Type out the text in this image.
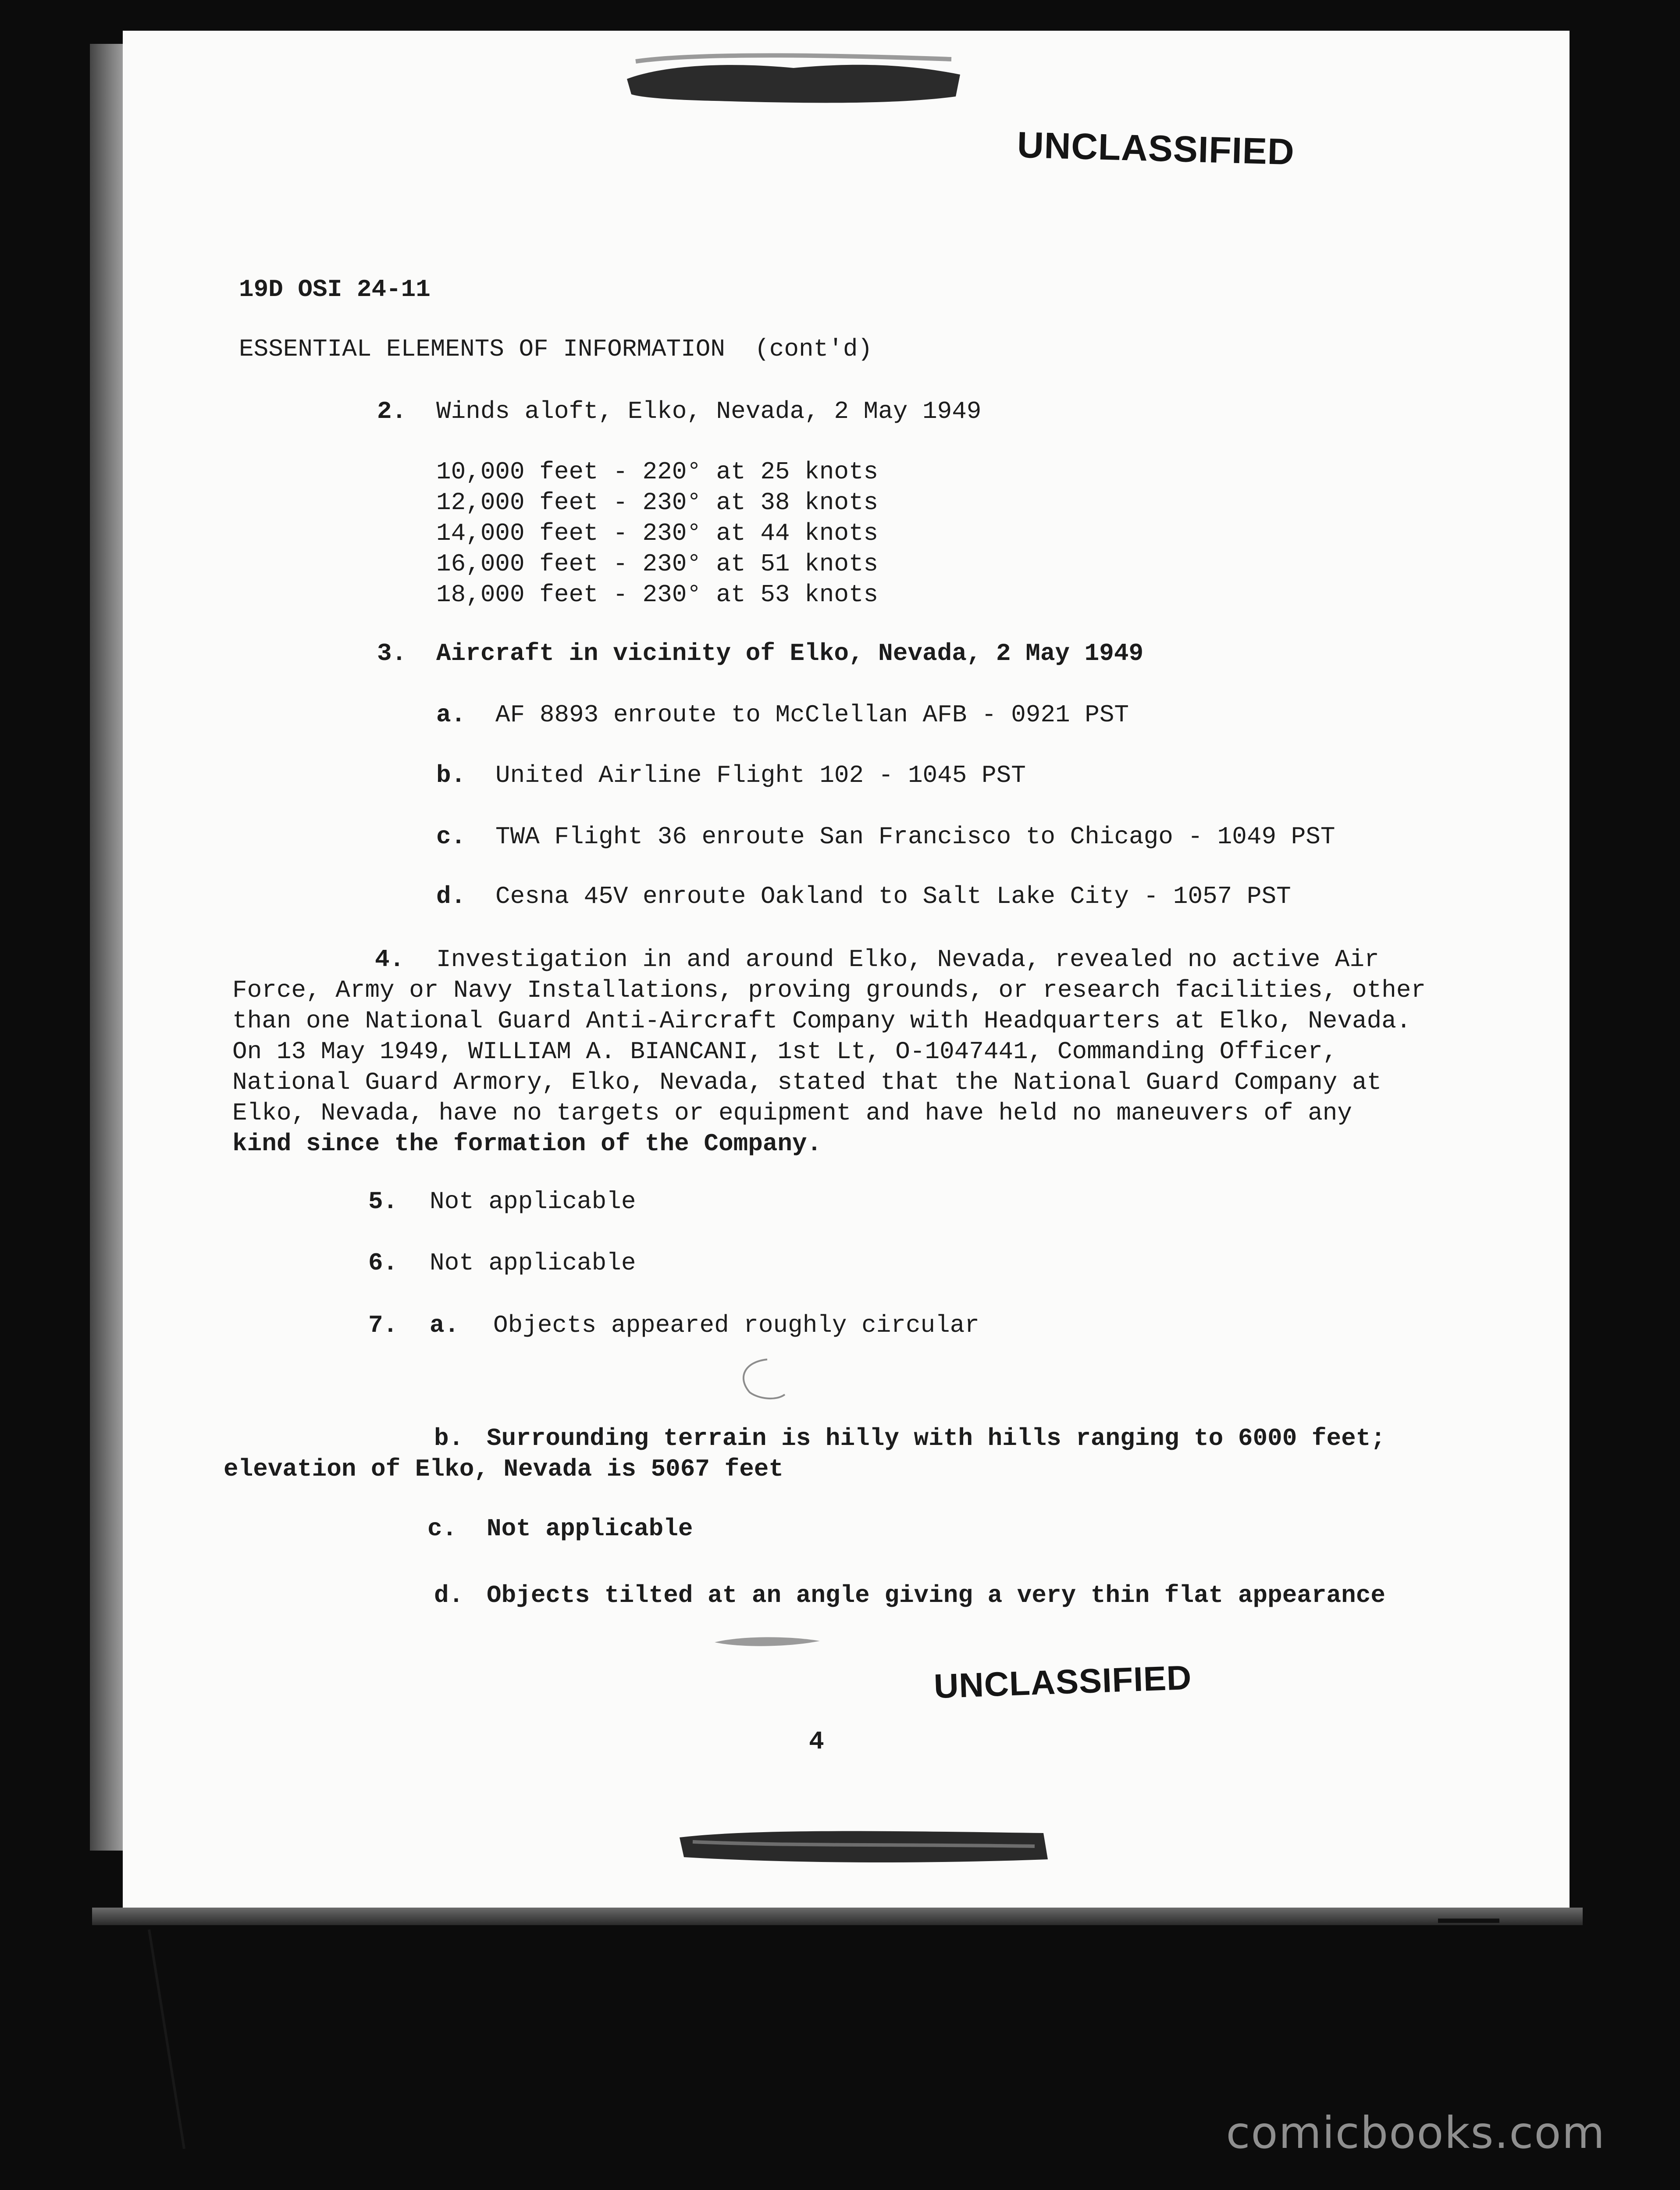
UNCLASSIFIED
19D OSI 24-11
ESSENTIAL ELEMENTS OF INFORMATION  (cont'd)
2. Winds aloft, Elko, Nevada, 2 May 1949
10,000 feet - 220° at 25 knots
12,000 feet - 230° at 38 knots
14,000 feet - 230° at 44 knots
16,000 feet - 230° at 51 knots
18,000 feet - 230° at 53 knots
3. Aircraft in vicinity of Elko, Nevada, 2 May 1949
a. AF 8893 enroute to McClellan AFB - 0921 PST
b. United Airline Flight 102 - 1045 PST
c. TWA Flight 36 enroute San Francisco to Chicago - 1049 PST
d. Cesna 45V enroute Oakland to Salt Lake City - 1057 PST
4. Investigation in and around Elko, Nevada, revealed no active Air
Force, Army or Navy Installations, proving grounds, or research facilities, other
than one National Guard Anti-Aircraft Company with Headquarters at Elko, Nevada.
On 13 May 1949, WILLIAM A. BIANCANI, 1st Lt, O-1047441, Commanding Officer,
National Guard Armory, Elko, Nevada, stated that the National Guard Company at
Elko, Nevada, have no targets or equipment and have held no maneuvers of any
kind since the formation of the Company.
5. Not applicable
6. Not applicable
7. a. Objects appeared roughly circular
b. Surrounding terrain is hilly with hills ranging to 6000 feet;
elevation of Elko, Nevada is 5067 feet
c. Not applicable
d. Objects tilted at an angle giving a very thin flat appearance
UNCLASSIFIED
4
comicbooks.com
